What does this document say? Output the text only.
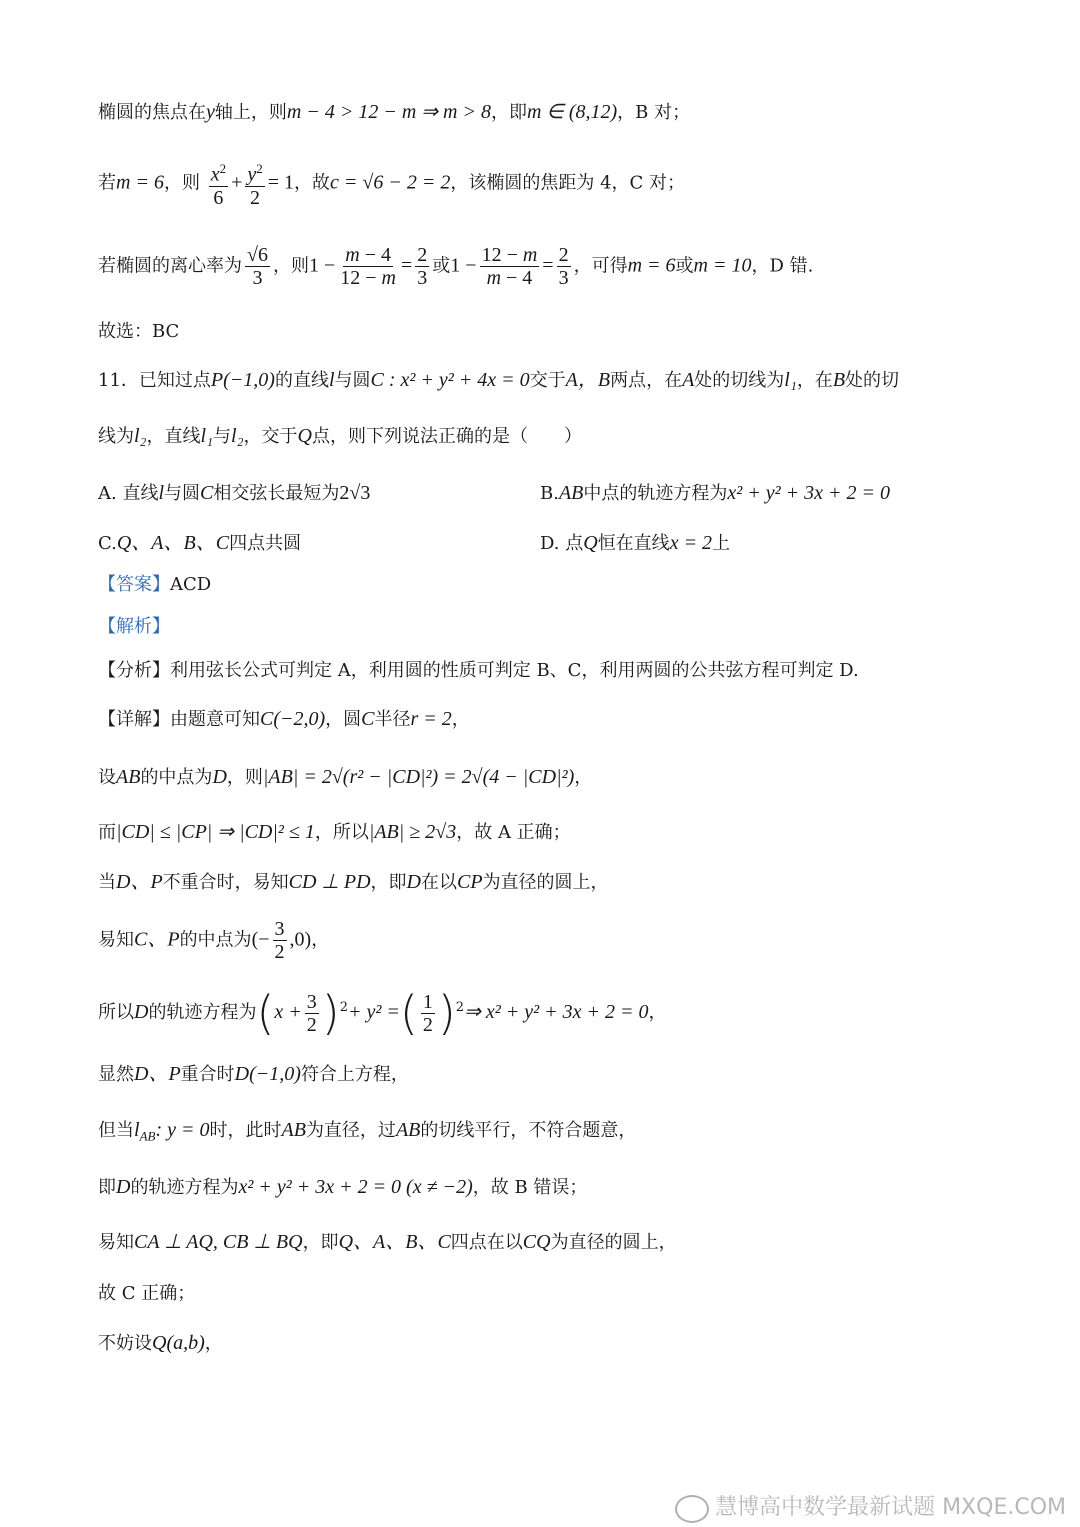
椭圆的焦点在y轴上，则m − 4 > 12 − m ⇒ m > 8，即m ∈ (8,12)，B 对；
若m = 6，则 $\frac{x^2}{6} + \frac{y^2}{2} = 1$，故c = √6 − 2 = 2，该椭圆的焦距为 4，C 对；
若椭圆的离心率为 $\frac{√6}{3}$ ，则$1 - \frac{m - 4}{12 - m} = \frac{2}{3}$ 或$1 - \frac{12 - m}{m - 4} = \frac{2}{3}$ ，可得m = 6或m = 10，D 错.
故选：BC
11．已知过点P(−1,0)的直线l与圆C : x² + y² + 4x = 0交于A，B两点，在A处的切线为l₁，在B处的切
线为l₂，直线l₁与l₂，交于Q点，则下列说法正确的是（　　）
A. 直线l与圆C相交弦长最短为2√3	B.AB中点的轨迹方程为x² + y² + 3x + 2 = 0
C.Q、A、B、C四点共圆	D. 点Q恒在直线x = 2上
【答案】ACD
【解析】
【分析】利用弦长公式可判定 A，利用圆的性质可判定 B、C，利用两圆的公共弦方程可判定 D.
【详解】由题意可知C(−2,0)，圆C半径r = 2，
设AB的中点为D，则|AB| = 2√(r² − |CD|²) = 2√(4 − |CD|²)，
而|CD| ≤ |CP| ⇒ |CD|² ≤ 1，所以|AB| ≥ 2√3，故 A 正确；
当D、P不重合时，易知CD ⊥ PD，即D在以CP为直径的圆上，
易知C、P的中点为(− $\frac{3}{2} ,0$)，
所以D的轨迹方程为$(x + \frac{3}{2} )^2+ y^2$ =( $\frac{1}{2}$ )$^2$⇒ x² + y² + 3x + 2 = 0，
显然D、P重合时D(−1,0)符合上方程，
但当$l_{AB}$: y = 0时，此时AB为直径，过AB的切线平行，不符合题意，
即D的轨迹方程为x² + y² + 3x + 2 = 0 (x ≠ −2)，故 B 错误；
易知CA ⊥ AQ, CB ⊥ BQ，即Q、A、B、C四点在以CQ为直径的圆上，
故 C 正确；
不妨设Q(a,b)，
慧博高中数学最新试题 MXQE.COM
